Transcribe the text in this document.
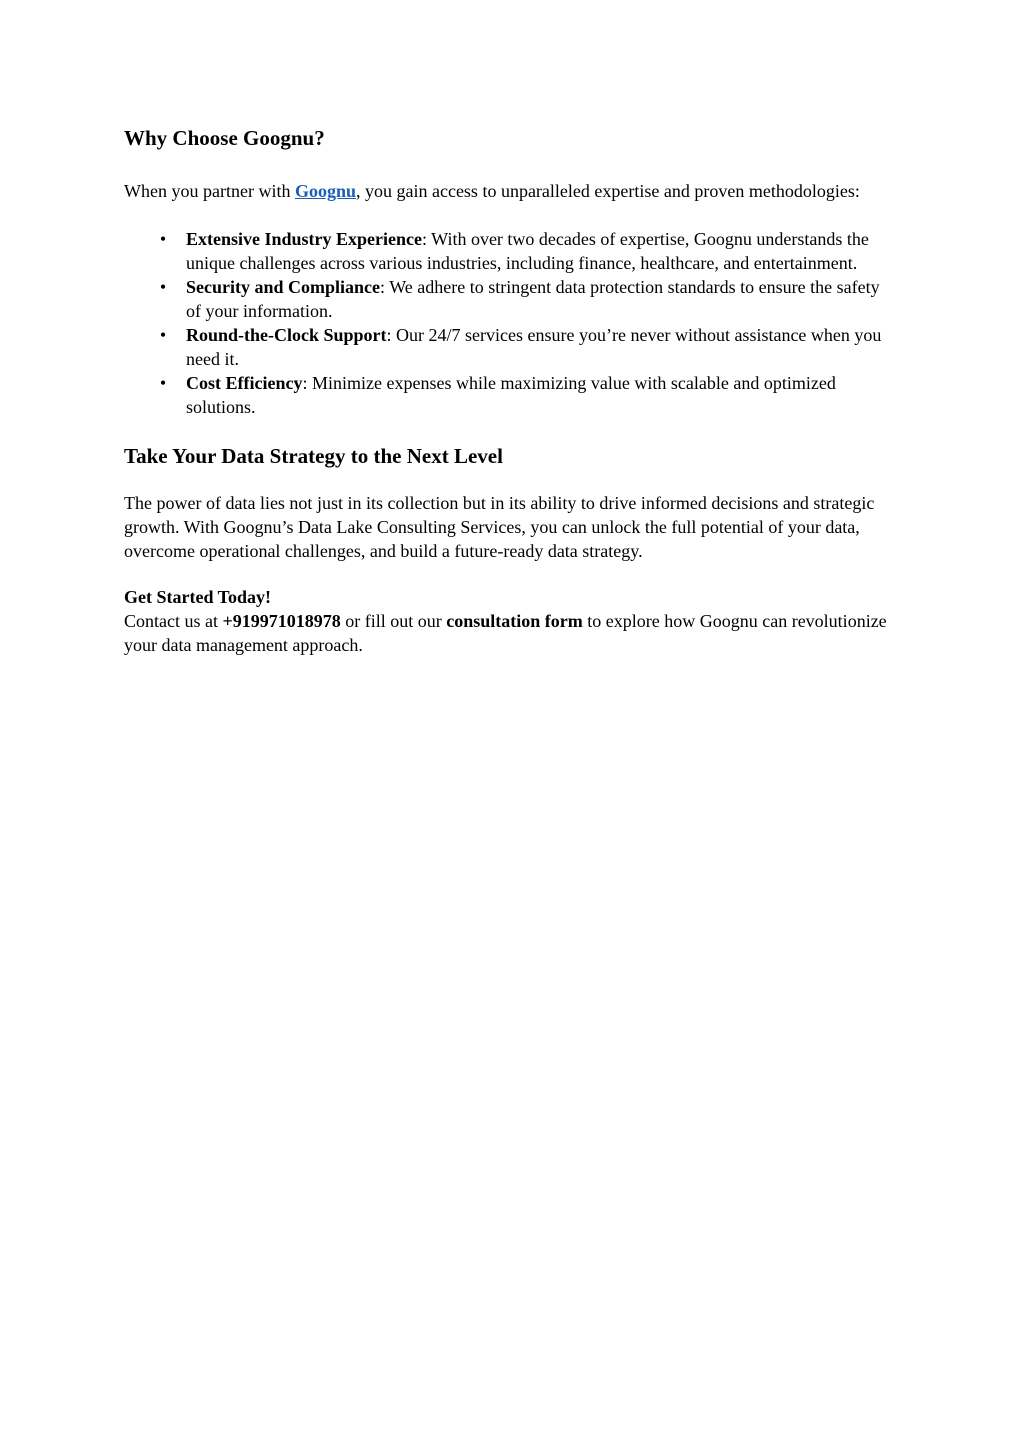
Why Choose Goognu?

When you partner with Goognu, you gain access to unparalleled expertise and proven methodologies:

• Extensive Industry Experience: With over two decades of expertise, Goognu understands the unique challenges across various industries, including finance, healthcare, and entertainment.
• Security and Compliance: We adhere to stringent data protection standards to ensure the safety of your information.
• Round-the-Clock Support: Our 24/7 services ensure you’re never without assistance when you need it.
• Cost Efficiency: Minimize expenses while maximizing value with scalable and optimized solutions.
Take Your Data Strategy to the Next Level

The power of data lies not just in its collection but in its ability to drive informed decisions and strategic growth. With Goognu’s Data Lake Consulting Services, you can unlock the full potential of your data, overcome operational challenges, and build a future-ready data strategy.

Get Started Today!

Contact us at +919971018978 or fill out our consultation form to explore how Goognu can revolutionize your data management approach.
